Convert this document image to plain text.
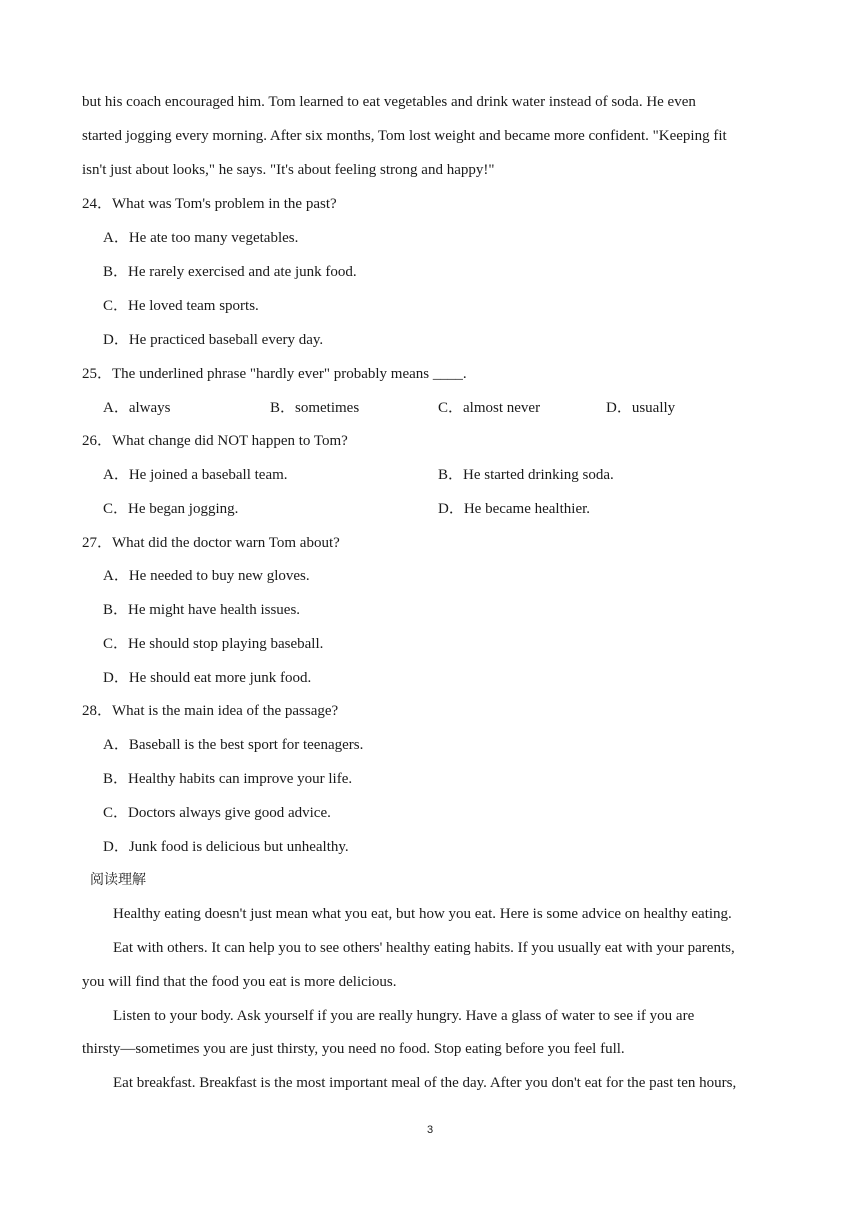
but his coach encouraged him. Tom learned to eat vegetables and drink water instead of soda. He even
started jogging every morning. After six months, Tom lost weight and became more confident. "Keeping fit
isn't just about looks," he says. "It's about feeling strong and happy!"
24．What was Tom's problem in the past?
A．He ate too many vegetables.
B．He rarely exercised and ate junk food.
C．He loved team sports.
D．He practiced baseball every day.
25．The underlined phrase "hardly ever" probably means ____.
A．always	B．sometimes	C．almost never	D．usually
26．What change did NOT happen to Tom?
A．He joined a baseball team.	B．He started drinking soda.
C．He began jogging.	D．He became healthier.
27．What did the doctor warn Tom about?
A．He needed to buy new gloves.
B．He might have health issues.
C．He should stop playing baseball.
D．He should eat more junk food.
28．What is the main idea of the passage?
A．Baseball is the best sport for teenagers.
B．Healthy habits can improve your life.
C．Doctors always give good advice.
D．Junk food is delicious but unhealthy.
阅读理解
Healthy eating doesn't just mean what you eat, but how you eat. Here is some advice on healthy eating.
Eat with others. It can help you to see others' healthy eating habits. If you usually eat with your parents,
you will find that the food you eat is more delicious.
Listen to your body. Ask yourself if you are really hungry. Have a glass of water to see if you are
thirsty—sometimes you are just thirsty, you need no food. Stop eating before you feel full.
Eat breakfast. Breakfast is the most important meal of the day. After you don't eat for the past ten hours,
3
